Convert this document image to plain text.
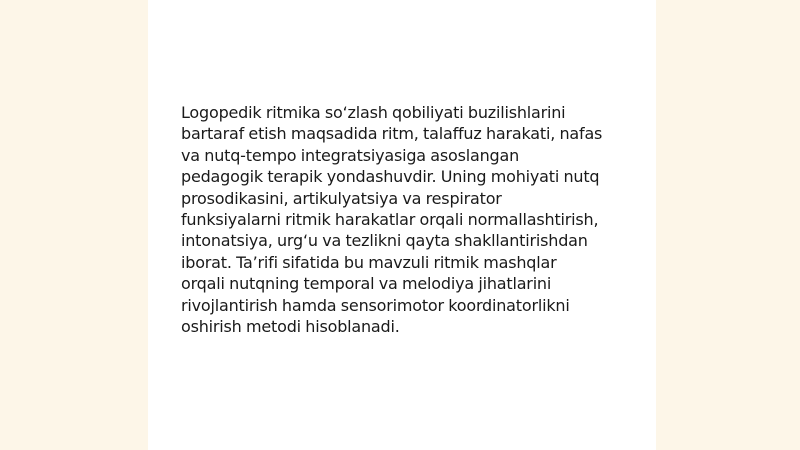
Logopedik ritmika so‘zlash qobiliyati buzilishlarini
bartaraf etish maqsadida ritm, talaffuz harakati, nafas
va nutq-tempo integratsiyasiga asoslangan
pedagogik terapik yondashuvdir. Uning mohiyati nutq
prosodikasini, artikulyatsiya va respirator
funksiyalarni ritmik harakatlar orqali normallashtirish,
intonatsiya, urg‘u va tezlikni qayta shakllantirishdan
iborat. Ta’rifi sifatida bu mavzuli ritmik mashqlar
orqali nutqning temporal va melodiya jihatlarini
rivojlantirish hamda sensorimotor koordinatorlikni
oshirish metodi hisoblanadi.
